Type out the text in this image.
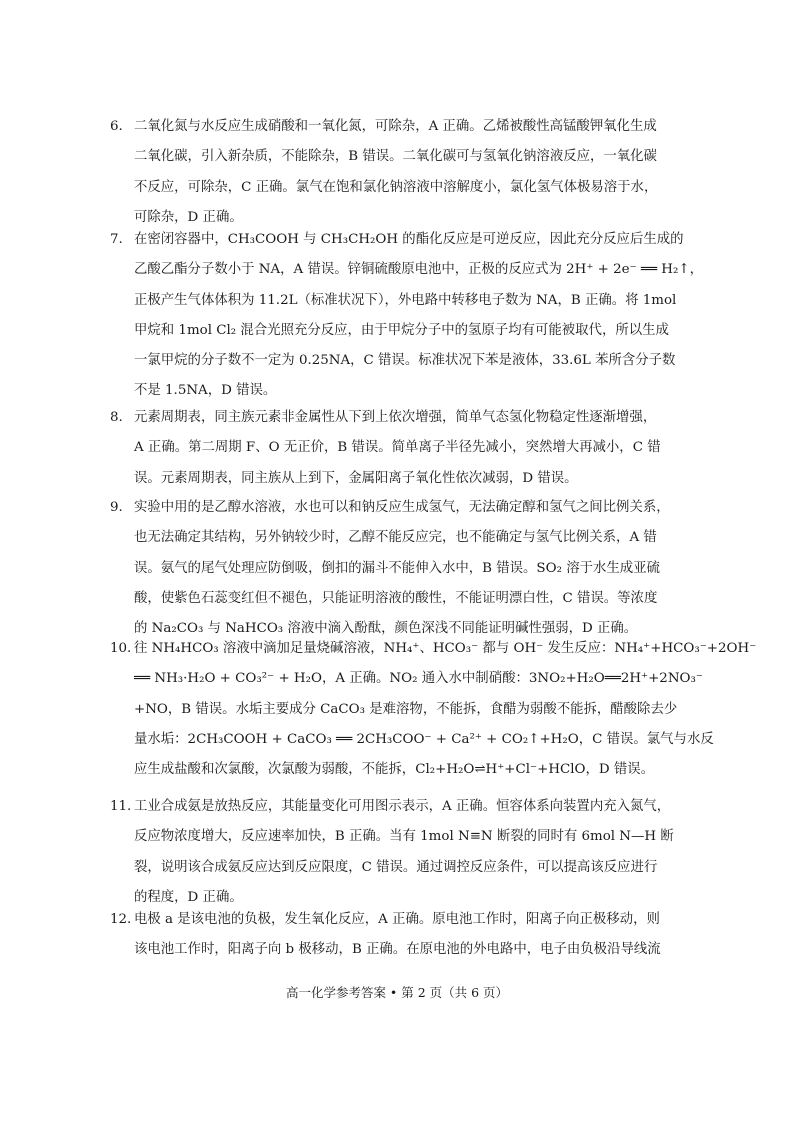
6. 二氧化氮与水反应生成硝酸和一氧化氮，可除杂，A 正确。乙烯被酸性高锰酸钾氧化生成
二氧化碳，引入新杂质，不能除杂，B 错误。二氧化碳可与氢氧化钠溶液反应，一氧化碳
不反应，可除杂，C 正确。氯气在饱和氯化钠溶液中溶解度小，氯化氢气体极易溶于水，
可除杂，D 正确。
7. 在密闭容器中，CH₃COOH 与 CH₃CH₂OH 的酯化反应是可逆反应，因此充分反应后生成的
乙酸乙酯分子数小于 NA，A 错误。锌铜硫酸原电池中，正极的反应式为 2H⁺ + 2e⁻ ══ H₂↑，
正极产生气体体积为 11.2L（标准状况下），外电路中转移电子数为 NA，B 正确。将 1mol
甲烷和 1mol Cl₂ 混合光照充分反应，由于甲烷分子中的氢原子均有可能被取代，所以生成
一氯甲烷的分子数不一定为 0.25NA，C 错误。标准状况下苯是液体，33.6L 苯所含分子数
不是 1.5NA，D 错误。
8. 元素周期表，同主族元素非金属性从下到上依次增强，简单气态氢化物稳定性逐渐增强，
A 正确。第二周期 F、O 无正价，B 错误。简单离子半径先减小，突然增大再减小，C 错
误。元素周期表，同主族从上到下，金属阳离子氧化性依次减弱，D 错误。
9. 实验中用的是乙醇水溶液，水也可以和钠反应生成氢气，无法确定醇和氢气之间比例关系，
也无法确定其结构，另外钠较少时，乙醇不能反应完，也不能确定与氢气比例关系，A 错
误。氨气的尾气处理应防倒吸，倒扣的漏斗不能伸入水中，B 错误。SO₂ 溶于水生成亚硫
酸，使紫色石蕊变红但不褪色，只能证明溶液的酸性，不能证明漂白性，C 错误。等浓度
的 Na₂CO₃ 与 NaHCO₃ 溶液中滴入酚酞，颜色深浅不同能证明碱性强弱，D 正确。
10. 往 NH₄HCO₃ 溶液中滴加足量烧碱溶液，NH₄⁺、HCO₃⁻ 都与 OH⁻ 发生反应：NH₄⁺+HCO₃⁻+2OH⁻
══ NH₃·H₂O + CO₃²⁻ + H₂O，A 正确。NO₂ 通入水中制硝酸：3NO₂+H₂O══2H⁺+2NO₃⁻
+NO，B 错误。水垢主要成分 CaCO₃ 是难溶物，不能拆，食醋为弱酸不能拆，醋酸除去少
量水垢：2CH₃COOH + CaCO₃ ══ 2CH₃COO⁻ + Ca²⁺ + CO₂↑+H₂O，C 错误。氯气与水反
应生成盐酸和次氯酸，次氯酸为弱酸，不能拆，Cl₂+H₂O⇌H⁺+Cl⁻+HClO，D 错误。
11. 工业合成氨是放热反应，其能量变化可用图示表示，A 正确。恒容体系向装置内充入氮气，
反应物浓度增大，反应速率加快，B 正确。当有 1mol N≡N 断裂的同时有 6mol N—H 断
裂，说明该合成氨反应达到反应限度，C 错误。通过调控反应条件，可以提高该反应进行
的程度，D 正确。
12. 电极 a 是该电池的负极，发生氧化反应，A 正确。原电池工作时，阳离子向正极移动，则
该电池工作时，阳离子向 b 极移动，B 正确。在原电池的外电路中，电子由负极沿导线流
高一化学参考答案 • 第 2 页（共 6 页）
